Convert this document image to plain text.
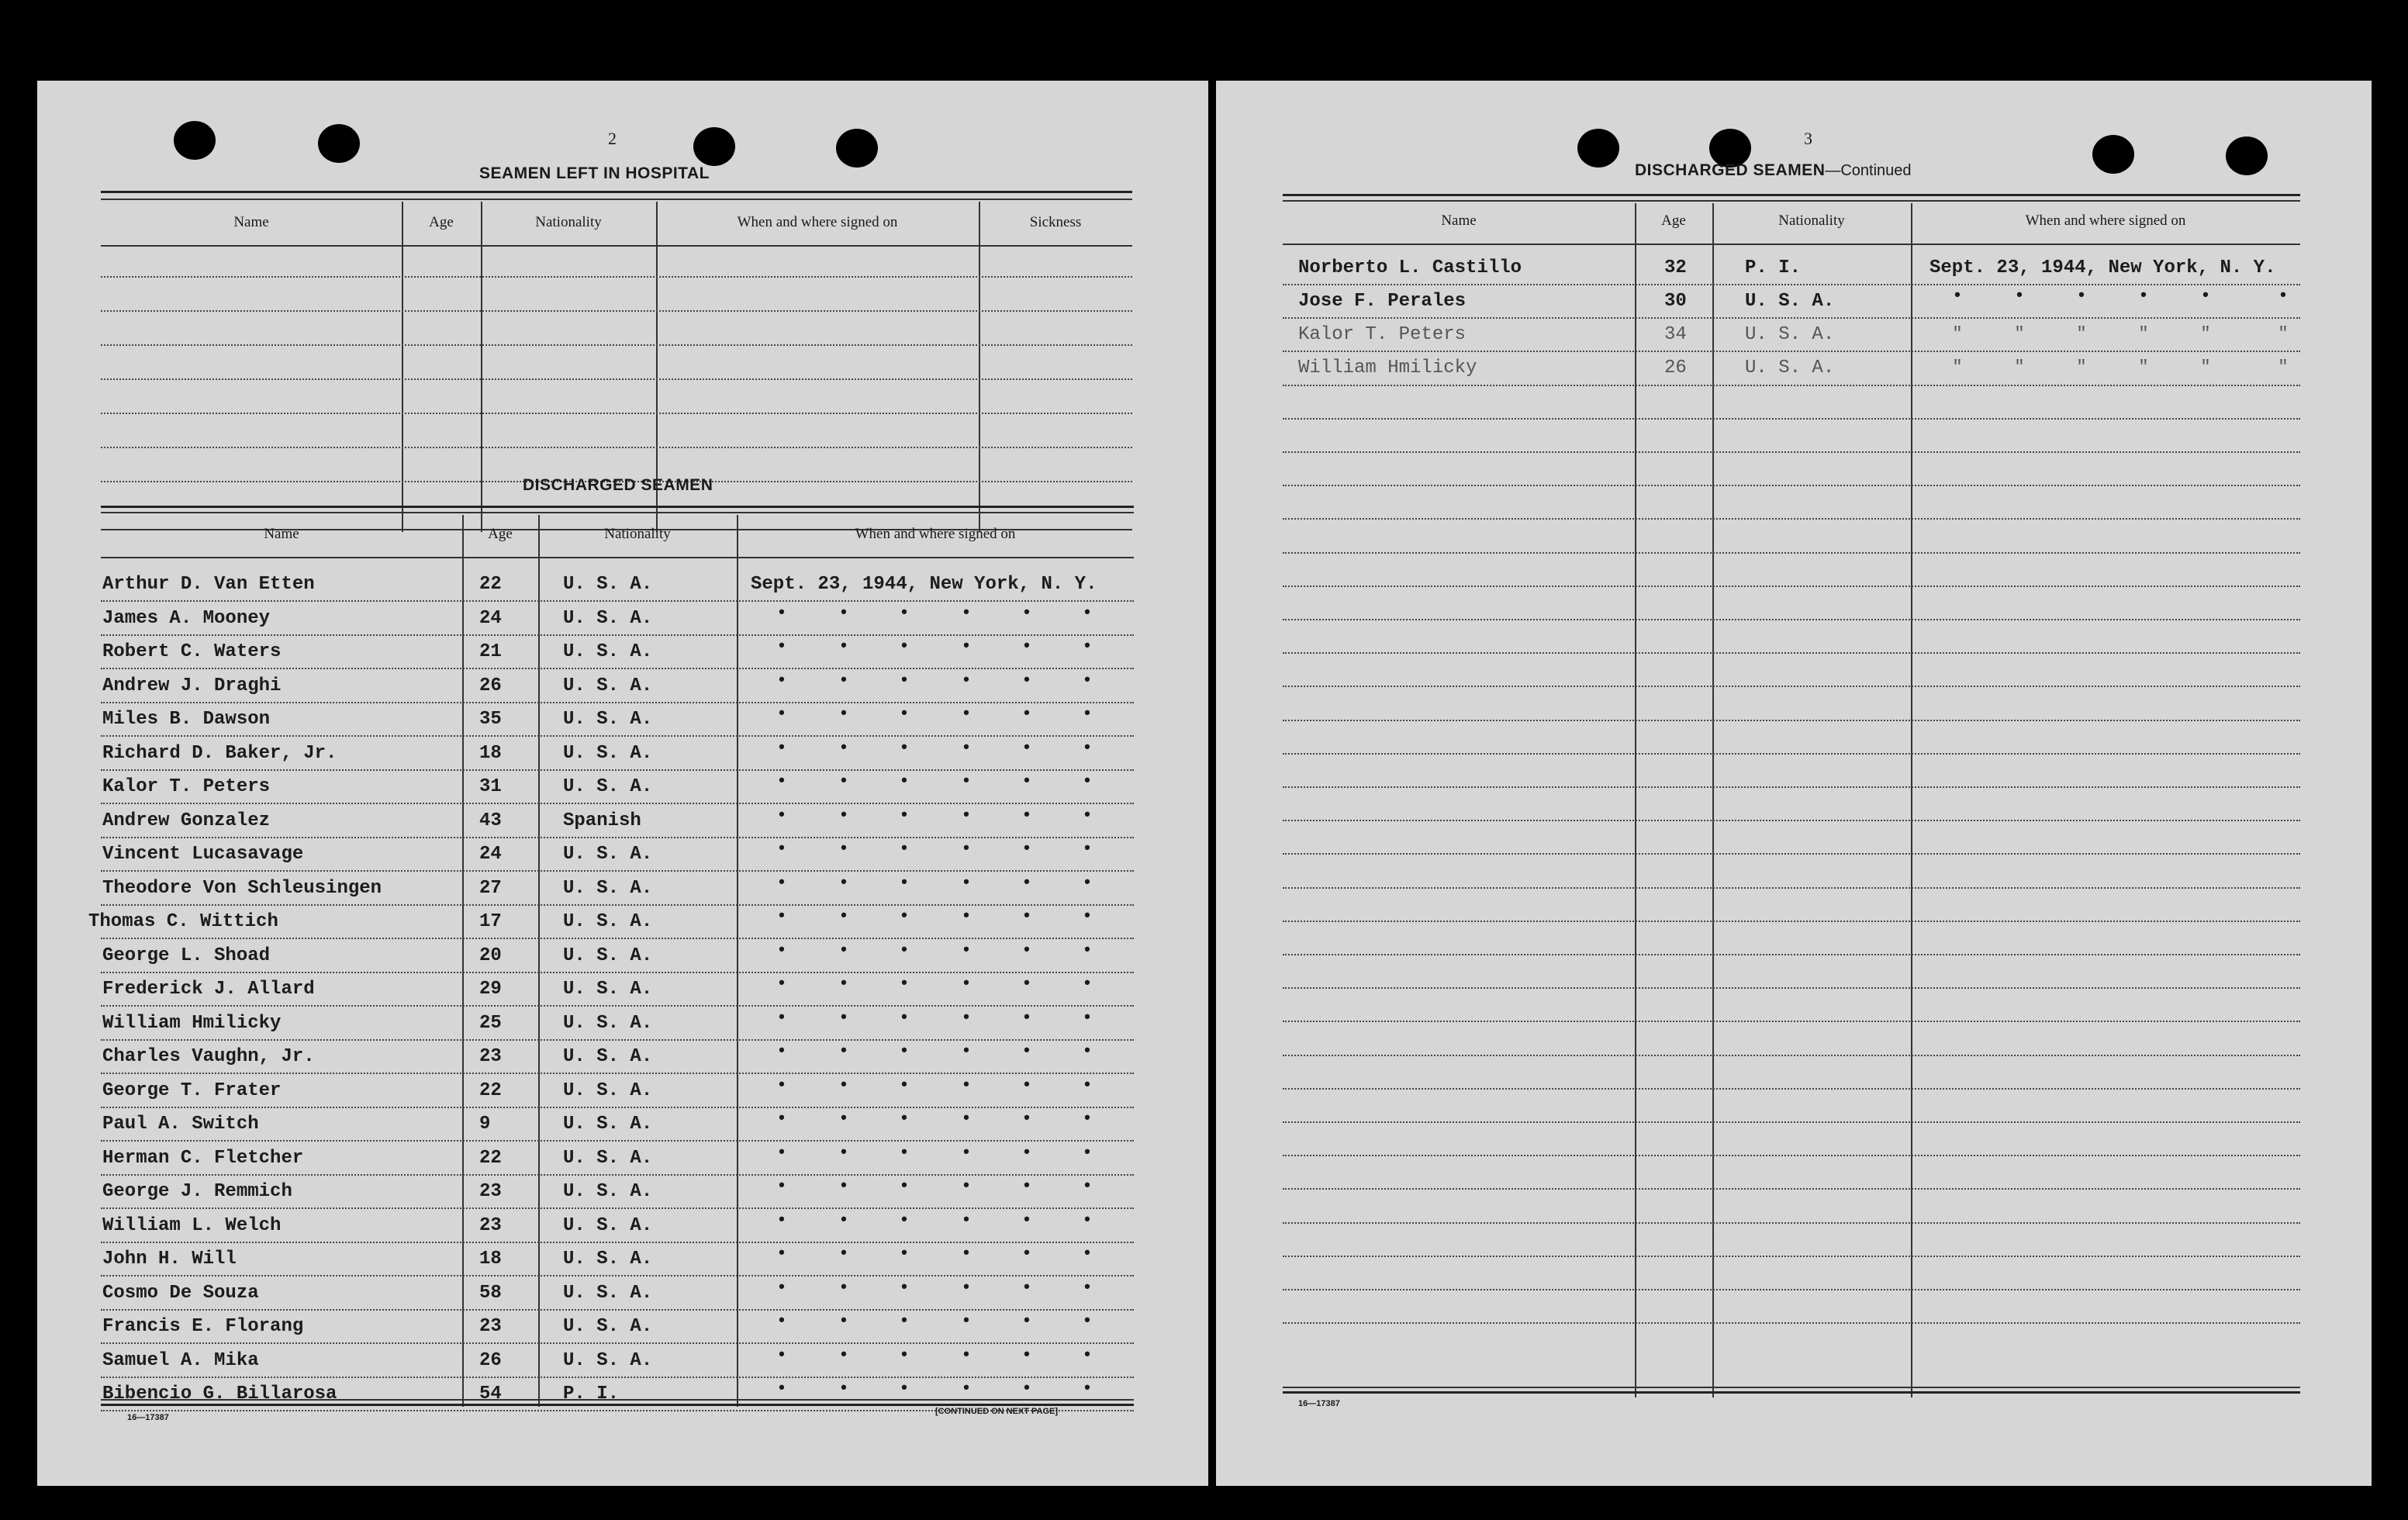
2
SEAMEN LEFT IN HOSPITAL
Name	Age	Nationality	When and where signed on	Sickness
DISCHARGED SEAMEN
Name	Age	Nationality	When and where signed on
Arthur D. Van Etten	22	U. S. A.	Sept. 23, 1944, New York, N. Y.
James A. Mooney	24	U. S. A.	•	•	•	•	•	•
Robert C. Waters	21	U. S. A.	•	•	•	•	•	•
Andrew J. Draghi	26	U. S. A.	•	•	•	•	•	•
Miles B. Dawson	35	U. S. A.	•	•	•	•	•	•
Richard D. Baker, Jr.	18	U. S. A.	•	•	•	•	•	•
Kalor T. Peters	31	U. S. A.	•	•	•	•	•	•
Andrew Gonzalez	43	Spanish	•	•	•	•	•	•
Vincent Lucasavage	24	U. S. A.	•	•	•	•	•	•
Theodore Von Schleusingen	27	U. S. A.	•	•	•	•	•	•
Thomas C. Wittich	17	U. S. A.	•	•	•	•	•	•
George L. Shoad	20	U. S. A.	•	•	•	•	•	•
Frederick J. Allard	29	U. S. A.	•	•	•	•	•	•
William Hmilicky	25	U. S. A.	•	•	•	•	•	•
Charles Vaughn, Jr.	23	U. S. A.	•	•	•	•	•	•
George T. Frater	22	U. S. A.	•	•	•	•	•	•
Paul A. Switch	9	U. S. A.	•	•	•	•	•	•
Herman C. Fletcher	22	U. S. A.	•	•	•	•	•	•
George J. Remmich	23	U. S. A.	•	•	•	•	•	•
William L. Welch	23	U. S. A.	•	•	•	•	•	•
John H. Will	18	U. S. A.	•	•	•	•	•	•
Cosmo De Souza	58	U. S. A.	•	•	•	•	•	•
Francis E. Florang	23	U. S. A.	•	•	•	•	•	•
Samuel A. Mika	26	U. S. A.	•	•	•	•	•	•
Bibencio G. Billarosa	54	P. I.	•	•	•	•	•	•
16—17387
[CONTINUED ON NEXT PAGE]
3
DISCHARGED SEAMEN—Continued
Name	Age	Nationality	When and where signed on
Norberto L. Castillo	32	P. I.	Sept. 23, 1944, New York, N. Y.
Jose F. Perales	30	U. S. A.	•	•	•	•	•	•
Kalor T. Peters	34	U. S. A.	"	"	"	"	"	"
William Hmilicky	26	U. S. A.	"	"	"	"	"	"
16—17387
